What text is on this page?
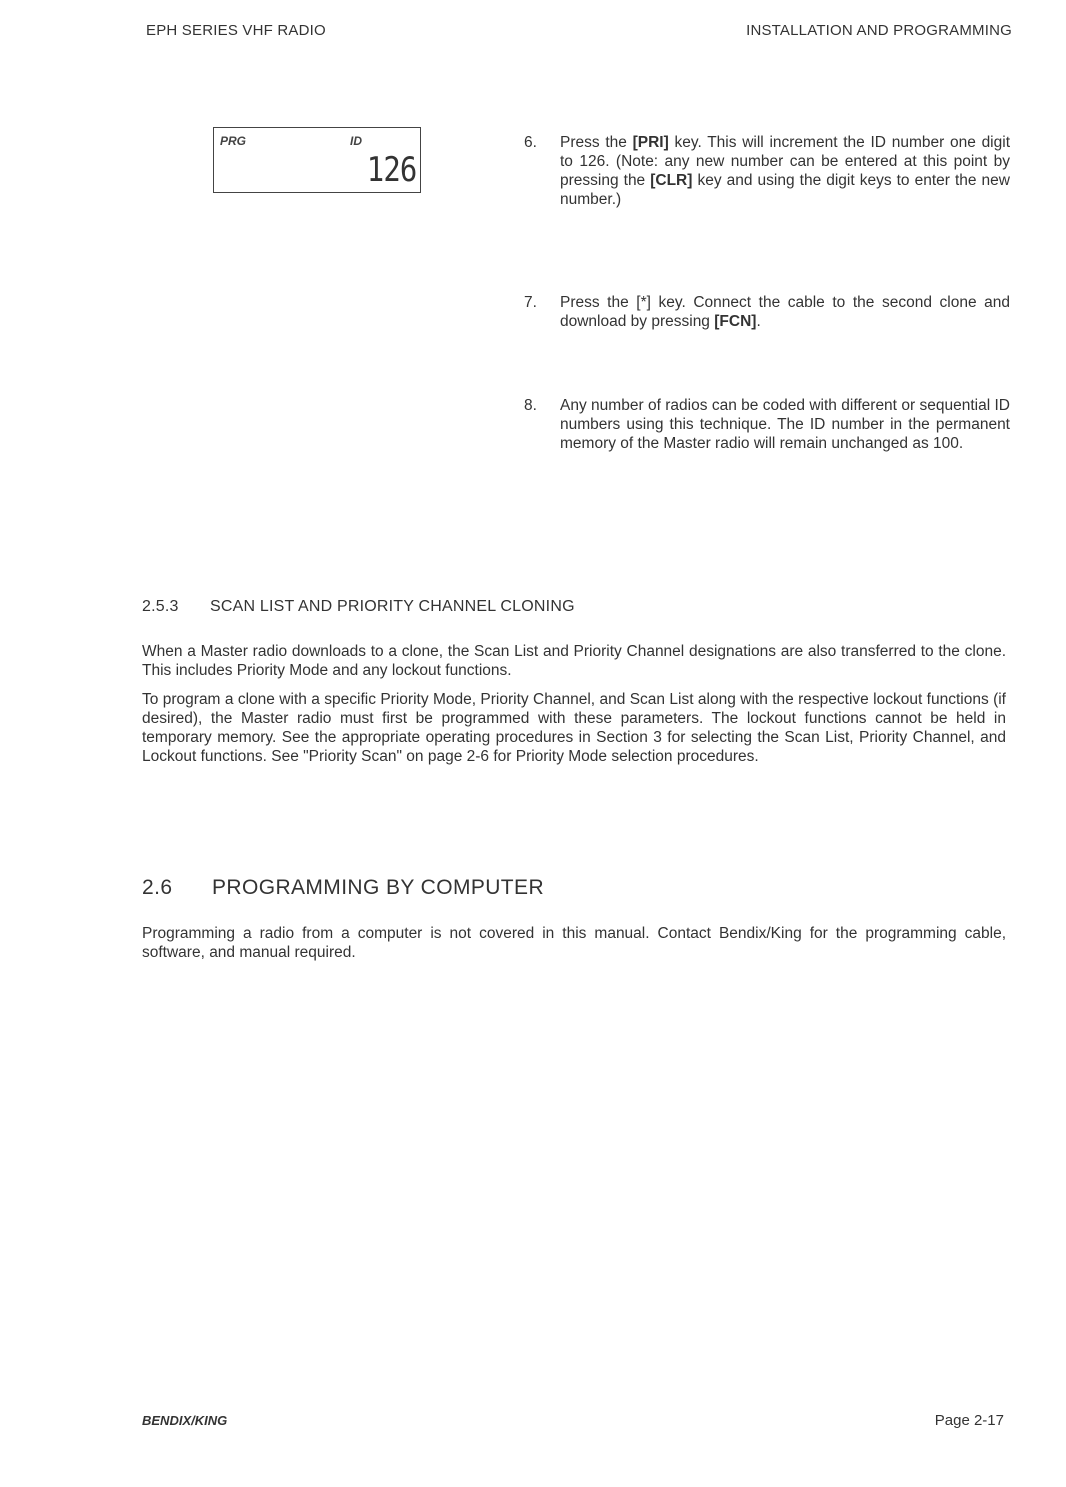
EPH SERIES VHF RADIO	INSTALLATION AND PROGRAMMING
PRG	ID
126
6.	Press the [PRI] key. This will increment the ID number one digit to 126. (Note: any new number can be entered at this point by pressing the [CLR] key and using the digit keys to enter the new number.)
7.	Press the [*] key. Connect the cable to the second clone and download by pressing [FCN].
8.	Any number of radios can be coded with different or sequential ID numbers using this technique. The ID number in the permanent memory of the Master radio will remain unchanged as 100.
2.5.3 SCAN LIST AND PRIORITY CHANNEL CLONING
When a Master radio downloads to a clone, the Scan List and Priority Channel designations are also transferred to the clone. This includes Priority Mode and any lockout functions.
To program a clone with a specific Priority Mode, Priority Channel, and Scan List along with the respective lockout functions (if desired), the Master radio must first be programmed with these parameters. The lockout functions cannot be held in temporary memory. See the appropriate operating procedures in Section 3 for selecting the Scan List, Priority Channel, and Lockout functions. See "Priority Scan" on page 2-6 for Priority Mode selection procedures.
2.6 PROGRAMMING BY COMPUTER
Programming a radio from a computer is not covered in this manual. Contact Bendix/King for the programming cable, software, and manual required.
BENDIX/KING	Page 2-17
